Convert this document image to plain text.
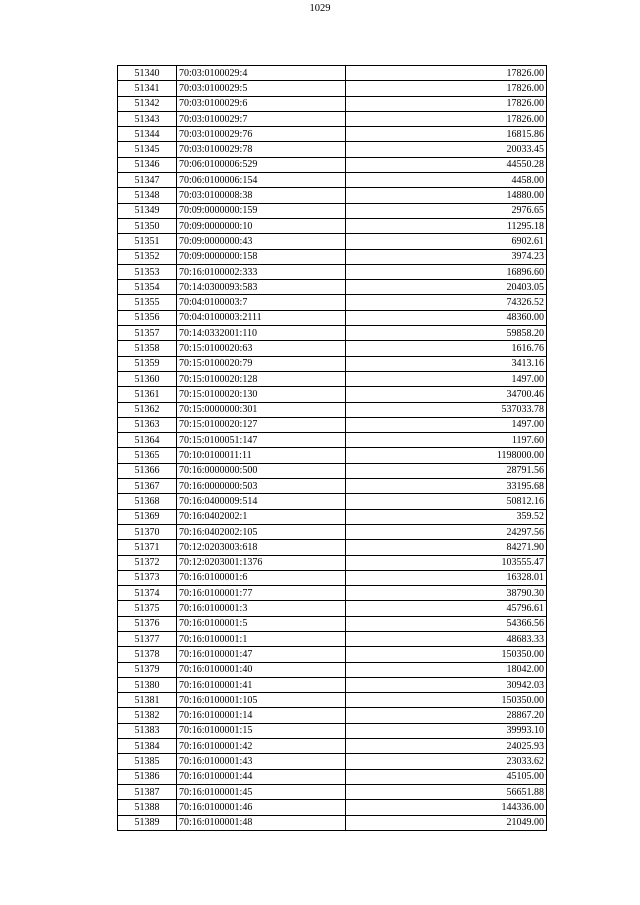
1029
51340	70:03:0100029:4	17826.00
51341	70:03:0100029:5	17826.00
51342	70:03:0100029:6	17826.00
51343	70:03:0100029:7	17826.00
51344	70:03:0100029:76	16815.86
51345	70:03:0100029:78	20033.45
51346	70:06:0100006:529	44550.28
51347	70:06:0100006:154	4458.00
51348	70:03:0100008:38	14880.00
51349	70:09:0000000:159	2976.65
51350	70:09:0000000:10	11295.18
51351	70:09:0000000:43	6902.61
51352	70:09:0000000:158	3974.23
51353	70:16:0100002:333	16896.60
51354	70:14:0300093:583	20403.05
51355	70:04:0100003:7	74326.52
51356	70:04:0100003:2111	48360.00
51357	70:14:0332001:110	59858.20
51358	70:15:0100020:63	1616.76
51359	70:15:0100020:79	3413.16
51360	70:15:0100020:128	1497.00
51361	70:15:0100020:130	34700.46
51362	70:15:0000000:301	537033.78
51363	70:15:0100020:127	1497.00
51364	70:15:0100051:147	1197.60
51365	70:10:0100011:11	1198000.00
51366	70:16:0000000:500	28791.56
51367	70:16:0000000:503	33195.68
51368	70:16:0400009:514	50812.16
51369	70:16:0402002:1	359.52
51370	70:16:0402002:105	24297.56
51371	70:12:0203003:618	84271.90
51372	70:12:0203001:1376	103555.47
51373	70:16:0100001:6	16328.01
51374	70:16:0100001:77	38790.30
51375	70:16:0100001:3	45796.61
51376	70:16:0100001:5	54366.56
51377	70:16:0100001:1	48683.33
51378	70:16:0100001:47	150350.00
51379	70:16:0100001:40	18042.00
51380	70:16:0100001:41	30942.03
51381	70:16:0100001:105	150350.00
51382	70:16:0100001:14	28867.20
51383	70:16:0100001:15	39993.10
51384	70:16:0100001:42	24025.93
51385	70:16:0100001:43	23033.62
51386	70:16:0100001:44	45105.00
51387	70:16:0100001:45	56651.88
51388	70:16:0100001:46	144336.00
51389	70:16:0100001:48	21049.00
